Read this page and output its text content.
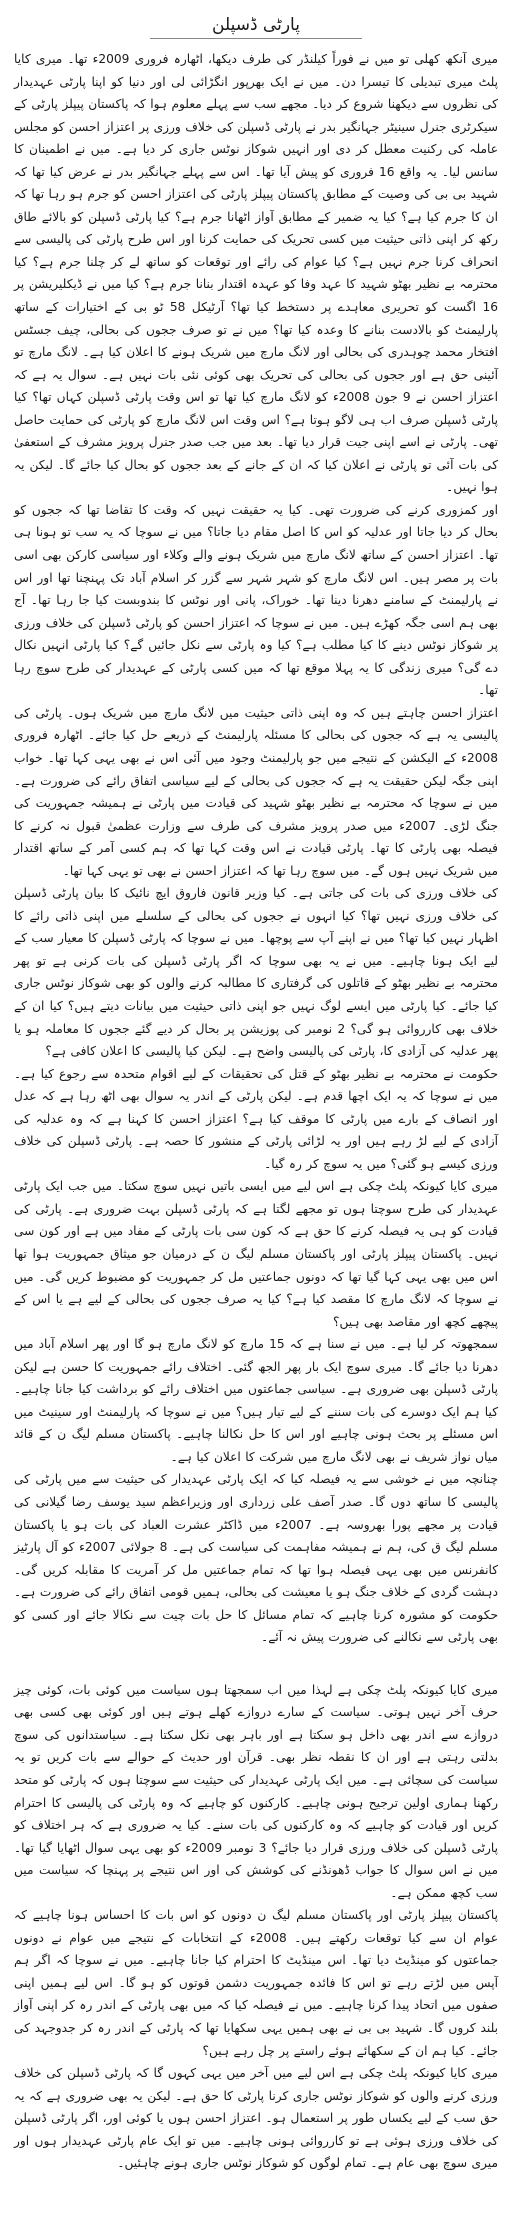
پارٹی ڈسپلن

میری آنکھ کھلی تو میں نے فوراً کیلنڈر کی طرف دیکھا، اٹھارہ فروری 2009ء تھا۔ میری کایا پلٹ میری تبدیلی کا تیسرا دن۔ میں نے ایک بھرپور انگڑائی لی اور دنیا کو اپنا پارٹی عہدیدار کی نظروں سے دیکھنا شروع کر دیا۔ مجھے سب سے پہلے معلوم ہوا کہ پاکستان پیپلز پارٹی کے سیکرٹری جنرل سینیٹر جہانگیر بدر نے پارٹی ڈسپلن کی خلاف ورزی پر اعتزاز احسن کو مجلس عاملہ کی رکنیت معطل کر دی اور انہیں شوکاز نوٹس جاری کر دیا ہے۔ میں نے اطمینان کا سانس لیا۔ یہ واقع 16 فروری کو پیش آیا تھا۔ اس سے پہلے جہانگیر بدر نے عرض کیا تھا کہ شہید بی بی کی وصیت کے مطابق پاکستان پیپلز پارٹی کی اعتزاز احسن کو جرم ہو رہا تھا کہ ان کا جرم کیا ہے؟ کیا یہ ضمیر کے مطابق آواز اٹھانا جرم ہے؟ کیا پارٹی ڈسپلن کو بالائے طاق رکھ کر اپنی ذاتی حیثیت میں کسی تحریک کی حمایت کرنا اور اس طرح پارٹی کی پالیسی سے انحراف کرنا جرم نہیں ہے؟ کیا عوام کی رائے اور توقعات کو ساتھ لے کر چلنا جرم ہے؟ کیا محترمہ بے نظیر بھٹو شہید کا عہد وفا کو عہدہ اقتدار بنانا جرم ہے؟ کیا میں نے ڈیکلیریشن پر 16 اگست کو تحریری معاہدے پر دستخط کیا تھا؟ آرٹیکل 58 ٹو بی کے اختیارات کے ساتھ پارلیمنٹ کو بالادست بنانے کا وعدہ کیا تھا؟ میں نے تو صرف ججوں کی بحالی، چیف جسٹس افتخار محمد چوہدری کی بحالی اور لانگ مارچ میں شریک ہونے کا اعلان کیا ہے۔ لانگ مارچ تو آئینی حق ہے اور ججوں کی بحالی کی تحریک بھی کوئی نئی بات نہیں ہے۔ سوال یہ ہے کہ اعتزاز احسن نے 9 جون 2008ء کو لانگ مارچ کیا تھا تو اس وقت پارٹی ڈسپلن کہاں تھا؟ کیا پارٹی ڈسپلن صرف اب ہی لاگو ہوتا ہے؟ اس وقت اس لانگ مارچ کو پارٹی کی حمایت حاصل تھی۔ پارٹی نے اسے اپنی جیت قرار دیا تھا۔ بعد میں جب صدر جنرل پرویز مشرف کے استعفیٰ کی بات آئی تو پارٹی نے اعلان کیا کہ ان کے جانے کے بعد ججوں کو بحال کیا جائے گا۔ لیکن یہ ہوا نہیں۔

اور کمزوری کرنے کی ضرورت تھی۔ کیا یہ حقیقت نہیں کہ وقت کا تقاضا تھا کہ ججوں کو بحال کر دیا جاتا اور عدلیہ کو اس کا اصل مقام دیا جاتا؟ میں نے سوچا کہ یہ سب تو ہونا ہی تھا۔ اعتزاز احسن کے ساتھ لانگ مارچ میں شریک ہونے والے وکلاء اور سیاسی کارکن بھی اسی بات پر مصر ہیں۔ اس لانگ مارچ کو شہر شہر سے گزر کر اسلام آباد تک پہنچنا تھا اور اس نے پارلیمنٹ کے سامنے دھرنا دینا تھا۔ خوراک، پانی اور نوٹس کا بندوبست کیا جا رہا تھا۔ آج بھی ہم اسی جگہ کھڑے ہیں۔ میں نے سوچا کہ اعتزاز احسن کو پارٹی ڈسپلن کی خلاف ورزی پر شوکاز نوٹس دینے کا کیا مطلب ہے؟ کیا وہ پارٹی سے نکل جائیں گے؟ کیا پارٹی انہیں نکال دے گی؟ میری زندگی کا یہ پہلا موقع تھا کہ میں کسی پارٹی کے عہدیدار کی طرح سوچ رہا تھا۔

اعتزاز احسن چاہتے ہیں کہ وہ اپنی ذاتی حیثیت میں لانگ مارچ میں شریک ہوں۔ پارٹی کی پالیسی یہ ہے کہ ججوں کی بحالی کا مسئلہ پارلیمنٹ کے ذریعے حل کیا جائے۔ اٹھارہ فروری 2008ء کے الیکشن کے نتیجے میں جو پارلیمنٹ وجود میں آئی اس نے بھی یہی کہا تھا۔ خواب اپنی جگہ لیکن حقیقت یہ ہے کہ ججوں کی بحالی کے لیے سیاسی اتفاق رائے کی ضرورت ہے۔ میں نے سوچا کہ محترمہ بے نظیر بھٹو شہید کی قیادت میں پارٹی نے ہمیشہ جمہوریت کی جنگ لڑی۔ 2007ء میں صدر پرویز مشرف کی طرف سے وزارت عظمیٰ قبول نہ کرنے کا فیصلہ بھی پارٹی کا تھا۔ پارٹی قیادت نے اس وقت کہا تھا کہ ہم کسی آمر کے ساتھ اقتدار میں شریک نہیں ہوں گے۔ میں سوچ رہا تھا کہ اعتزاز احسن نے بھی تو یہی کہا تھا۔

کی خلاف ورزی کی بات کی جاتی ہے۔ کیا وزیر قانون فاروق ایچ نائیک کا بیان پارٹی ڈسپلن کی خلاف ورزی نہیں تھا؟ کیا انہوں نے ججوں کی بحالی کے سلسلے میں اپنی ذاتی رائے کا اظہار نہیں کیا تھا؟ میں نے اپنے آپ سے پوچھا۔ میں نے سوچا کہ پارٹی ڈسپلن کا معیار سب کے لیے ایک ہونا چاہیے۔ میں نے یہ بھی سوچا کہ اگر پارٹی ڈسپلن کی بات کرنی ہے تو پھر محترمہ بے نظیر بھٹو کے قاتلوں کی گرفتاری کا مطالبہ کرنے والوں کو بھی شوکاز نوٹس جاری کیا جائے۔ کیا پارٹی میں ایسے لوگ نہیں جو اپنی ذاتی حیثیت میں بیانات دیتے ہیں؟ کیا ان کے خلاف بھی کارروائی ہو گی؟ 2 نومبر کی پوزیشن پر بحال کر دیے گئے ججوں کا معاملہ ہو یا پھر عدلیہ کی آزادی کا، پارٹی کی پالیسی واضح ہے۔ لیکن کیا پالیسی کا اعلان کافی ہے؟

حکومت نے محترمہ بے نظیر بھٹو کے قتل کی تحقیقات کے لیے اقوام متحدہ سے رجوع کیا ہے۔ میں نے سوچا کہ یہ ایک اچھا قدم ہے۔ لیکن پارٹی کے اندر یہ سوال بھی اٹھ رہا ہے کہ عدل اور انصاف کے بارے میں پارٹی کا موقف کیا ہے؟ اعتزاز احسن کا کہنا ہے کہ وہ عدلیہ کی آزادی کے لیے لڑ رہے ہیں اور یہ لڑائی پارٹی کے منشور کا حصہ ہے۔ پارٹی ڈسپلن کی خلاف ورزی کیسے ہو گئی؟ میں یہ سوچ کر رہ گیا۔

میری کایا کیونکہ پلٹ چکی ہے اس لیے میں ایسی باتیں نہیں سوچ سکتا۔ میں جب ایک پارٹی عہدیدار کی طرح سوچتا ہوں تو مجھے لگتا ہے کہ پارٹی ڈسپلن بہت ضروری ہے۔ پارٹی کی قیادت کو ہی یہ فیصلہ کرنے کا حق ہے کہ کون سی بات پارٹی کے مفاد میں ہے اور کون سی نہیں۔ پاکستان پیپلز پارٹی اور پاکستان مسلم لیگ ن کے درمیان جو میثاق جمہوریت ہوا تھا اس میں بھی یہی کہا گیا تھا کہ دونوں جماعتیں مل کر جمہوریت کو مضبوط کریں گی۔ میں نے سوچا کہ لانگ مارچ کا مقصد کیا ہے؟ کیا یہ صرف ججوں کی بحالی کے لیے ہے یا اس کے پیچھے کچھ اور مقاصد بھی ہیں؟

سمجھوتہ کر لیا ہے۔ میں نے سنا ہے کہ 15 مارچ کو لانگ مارچ ہو گا اور پھر اسلام آباد میں دھرنا دیا جائے گا۔ میری سوچ ایک بار پھر الجھ گئی۔ اختلاف رائے جمہوریت کا حسن ہے لیکن پارٹی ڈسپلن بھی ضروری ہے۔ سیاسی جماعتوں میں اختلاف رائے کو برداشت کیا جانا چاہیے۔ کیا ہم ایک دوسرے کی بات سننے کے لیے تیار ہیں؟ میں نے سوچا کہ پارلیمنٹ اور سینیٹ میں اس مسئلے پر بحث ہونی چاہیے اور اس کا حل نکالنا چاہیے۔ پاکستان مسلم لیگ ن کے قائد میاں نواز شریف نے بھی لانگ مارچ میں شرکت کا اعلان کیا ہے۔

چنانچہ میں نے خوشی سے یہ فیصلہ کیا کہ ایک پارٹی عہدیدار کی حیثیت سے میں پارٹی کی پالیسی کا ساتھ دوں گا۔ صدر آصف علی زرداری اور وزیراعظم سید یوسف رضا گیلانی کی قیادت پر مجھے پورا بھروسہ ہے۔ 2007ء میں ڈاکٹر عشرت العباد کی بات ہو یا پاکستان مسلم لیگ ق کی، ہم نے ہمیشہ مفاہمت کی سیاست کی ہے۔ 8 جولائی 2007ء کو آل پارٹیز کانفرنس میں بھی یہی فیصلہ ہوا تھا کہ تمام جماعتیں مل کر آمریت کا مقابلہ کریں گی۔ دہشت گردی کے خلاف جنگ ہو یا معیشت کی بحالی، ہمیں قومی اتفاق رائے کی ضرورت ہے۔ حکومت کو مشورہ کرنا چاہیے کہ تمام مسائل کا حل بات چیت سے نکالا جائے اور کسی کو بھی پارٹی سے نکالنے کی ضرورت پیش نہ آئے۔

میری کایا کیونکہ پلٹ چکی ہے لہذا میں اب سمجھتا ہوں سیاست میں کوئی بات، کوئی چیز حرف آخر نہیں ہوتی۔ سیاست کے سارے دروازے کھلے ہوتے ہیں اور کوئی بھی کسی بھی دروازے سے اندر بھی داخل ہو سکتا ہے اور باہر بھی نکل سکتا ہے۔ سیاستدانوں کی سوچ بدلتی رہتی ہے اور ان کا نقطہ نظر بھی۔ قرآن اور حدیث کے حوالے سے بات کریں تو یہ سیاست کی سچائی ہے۔ میں ایک پارٹی عہدیدار کی حیثیت سے سوچتا ہوں کہ پارٹی کو متحد رکھنا ہماری اولین ترجیح ہونی چاہیے۔ کارکنوں کو چاہیے کہ وہ پارٹی کی پالیسی کا احترام کریں اور قیادت کو چاہیے کہ وہ کارکنوں کی بات سنے۔ کیا یہ ضروری ہے کہ ہر اختلاف کو پارٹی ڈسپلن کی خلاف ورزی قرار دیا جائے؟ 3 نومبر 2009ء کو بھی یہی سوال اٹھایا گیا تھا۔ میں نے اس سوال کا جواب ڈھونڈنے کی کوشش کی اور اس نتیجے پر پہنچا کہ سیاست میں سب کچھ ممکن ہے۔

پاکستان پیپلز پارٹی اور پاکستان مسلم لیگ ن دونوں کو اس بات کا احساس ہونا چاہیے کہ عوام ان سے کیا توقعات رکھتے ہیں۔ 2008ء کے انتخابات کے نتیجے میں عوام نے دونوں جماعتوں کو مینڈیٹ دیا تھا۔ اس مینڈیٹ کا احترام کیا جانا چاہیے۔ میں نے سوچا کہ اگر ہم آپس میں لڑتے رہے تو اس کا فائدہ جمہوریت دشمن قوتوں کو ہو گا۔ اس لیے ہمیں اپنی صفوں میں اتحاد پیدا کرنا چاہیے۔ میں نے فیصلہ کیا کہ میں بھی پارٹی کے اندر رہ کر اپنی آواز بلند کروں گا۔ شہید بی بی نے بھی ہمیں یہی سکھایا تھا کہ پارٹی کے اندر رہ کر جدوجہد کی جائے۔ کیا ہم ان کے سکھائے ہوئے راستے پر چل رہے ہیں؟

میری کایا کیونکہ پلٹ چکی ہے اس لیے میں آخر میں یہی کہوں گا کہ پارٹی ڈسپلن کی خلاف ورزی کرنے والوں کو شوکاز نوٹس جاری کرنا پارٹی کا حق ہے۔ لیکن یہ بھی ضروری ہے کہ یہ حق سب کے لیے یکساں طور پر استعمال ہو۔ اعتزاز احسن ہوں یا کوئی اور، اگر پارٹی ڈسپلن کی خلاف ورزی ہوئی ہے تو کارروائی ہونی چاہیے۔ میں تو ایک عام پارٹی عہدیدار ہوں اور میری سوچ بھی عام ہے۔ تمام لوگوں کو شوکاز نوٹس جاری ہونے چاہئیں۔
